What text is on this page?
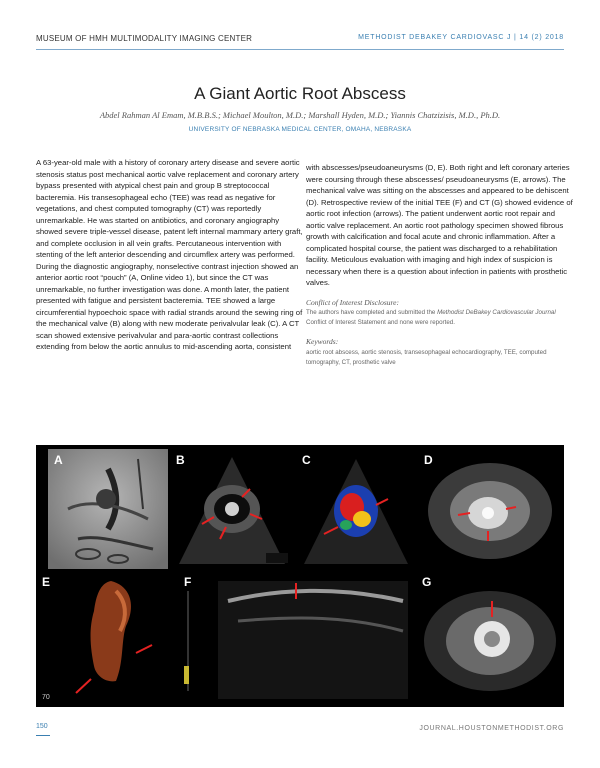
MUSEUM OF HMH MULTIMODALITY IMAGING CENTER	METHODIST DEBAKEY CARDIOVASC J | 14 (2) 2018
A Giant Aortic Root Abscess
Abdel Rahman Al Emam, M.B.B.S.; Michael Moulton, M.D.; Marshall Hyden, M.D.; Yiannis Chatzizisis, M.D., Ph.D.
UNIVERSITY OF NEBRASKA MEDICAL CENTER, OMAHA, NEBRASKA
A 63-year-old male with a history of coronary artery disease and severe aortic stenosis status post mechanical aortic valve replacement and coronary artery bypass presented with atypical chest pain and group B streptococcal bacteremia. His transesophageal echo (TEE) was read as negative for vegetations, and chest computed tomography (CT) was reportedly unremarkable. He was started on antibiotics, and coronary angiography showed severe triple-vessel disease, patent left internal mammary artery graft, and complete occlusion in all vein grafts. Percutaneous intervention with stenting of the left anterior descending and circumflex artery was performed. During the diagnostic angiography, nonselective contrast injection showed an anterior aortic root “pouch” (A, Online video 1), but since the CT was unremarkable, no further investigation was done. A month later, the patient presented with fatigue and persistent bacteremia. TEE showed a large circumferential hypoechoic space with radial strands around the sewing ring of the mechanical valve (B) along with new moderate perivalvular leak (C). A CT scan showed extensive perivalvular and para-aortic contrast collections extending from below the aortic annulus to mid-ascending aorta, consistent
with abscesses/pseudoaneurysms (D, E). Both right and left coronary arteries were coursing through these abscesses/ pseudoaneurysms (E, arrows). The mechanical valve was sitting on the abscesses and appeared to be dehiscent (D). Retrospective review of the initial TEE (F) and CT (G) showed evidence of aortic root infection (arrows). The patient underwent aortic root repair and aortic valve replacement. An aortic root pathology specimen showed fibrous growth with calcification and focal acute and chronic inflammation. After a complicated hospital course, the patient was discharged to a rehabilitation facility. Meticulous evaluation with imaging and high index of suspicion is necessary when there is a question about infection in patients with prosthetic valves.
Conflict of Interest Disclosure:
The authors have completed and submitted the Methodist DeBakey Cardiovascular Journal Conflict of Interest Statement and none were reported.
Keywords:
aortic root abscess, aortic stenosis, transesophageal echocardiography, TEE, computed tomography, CT, prosthetic valve
A	B	C	D
E
70
F	G
150	JOURNAL.HOUSTONMETHODIST.ORG
